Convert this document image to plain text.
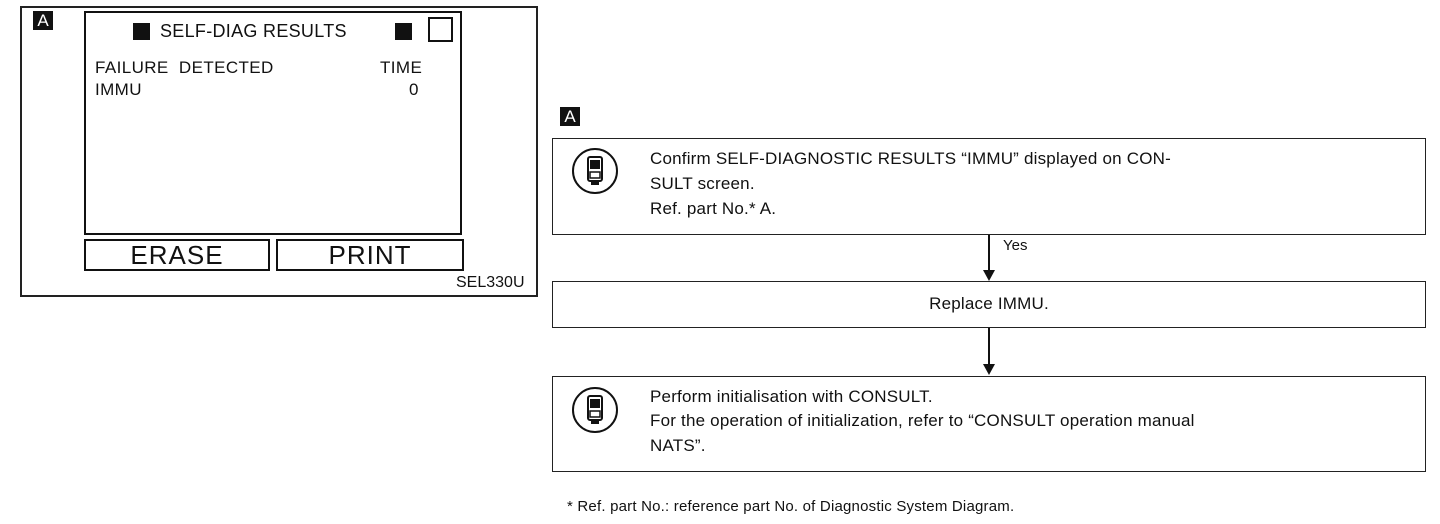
A
SELF-DIAG RESULTS
FAILURE  DETECTED	TIME
IMMU	0
ERASE	PRINT
SEL330U
A
Confirm SELF-DIAGNOSTIC RESULTS “IMMU” displayed on CON-
SULT screen.
Ref. part No.* A.
Yes
Replace IMMU.
Perform initialisation with CONSULT.
For the operation of initialization, refer to “CONSULT operation manual
NATS”.
* Ref. part No.: reference part No. of Diagnostic System Diagram.
